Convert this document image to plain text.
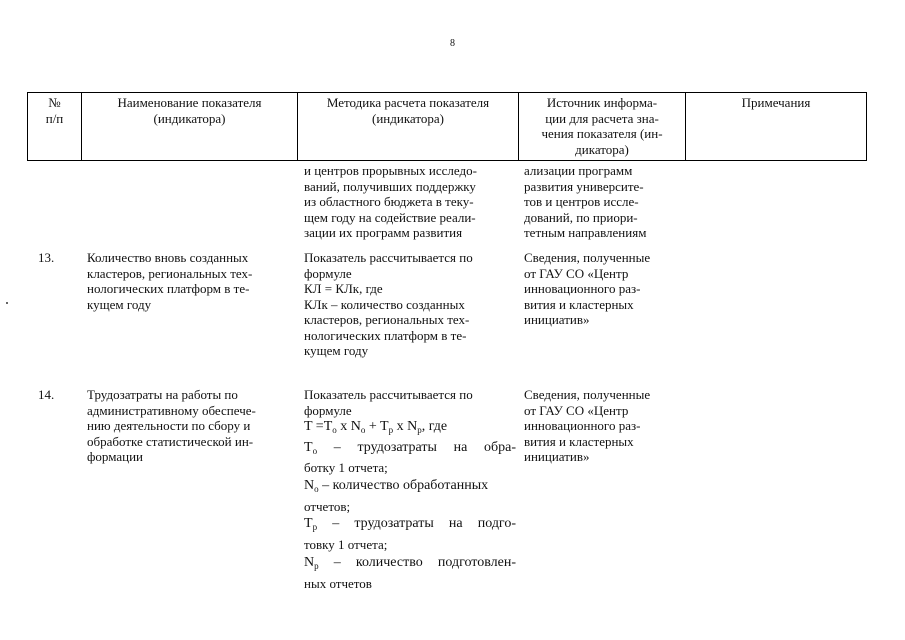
8
№
п/п
Наименование показателя
(индикатора)
Методика расчета показателя
(индикатора)
Источник информа-
ции для расчета зна-
чения показателя (ин-
дикатора)
Примечания
и центров прорывных исследо-
ваний, получивших поддержку
из областного бюджета в теку-
щем году на содействие реали-
зации их программ развития
ализации программ
развития университе-
тов и центров иссле-
дований, по приори-
тетным направлениям
13.	Количество вновь созданных
кластеров, региональных тех-
нологических платформ в те-
кущем году
Показатель рассчитывается по
формуле
КЛ = КЛк, где
КЛк – количество созданных
кластеров, региональных тех-
нологических платформ в те-
кущем году
Сведения, полученные
от ГАУ СО «Центр
инновационного раз-
вития и кластерных
инициатив»
14.	Трудозатраты на работы по
административному обеспече-
нию деятельности по сбору и
обработке статистической ин-
формации
Показатель рассчитывается по
формуле
$T =T_o$ x $N_o + T_p$ x $N_p$, где
$T_o$ – трудозатраты на обра-
ботку 1 отчета;
$N_o$ – количество обработанных
отчетов;
$T_p$ – трудозатраты на подго-
товку 1 отчета;
$N_p$ – количество подготовлен-
ных отчетов
Сведения, полученные
от ГАУ СО «Центр
инновационного раз-
вития и кластерных
инициатив»
